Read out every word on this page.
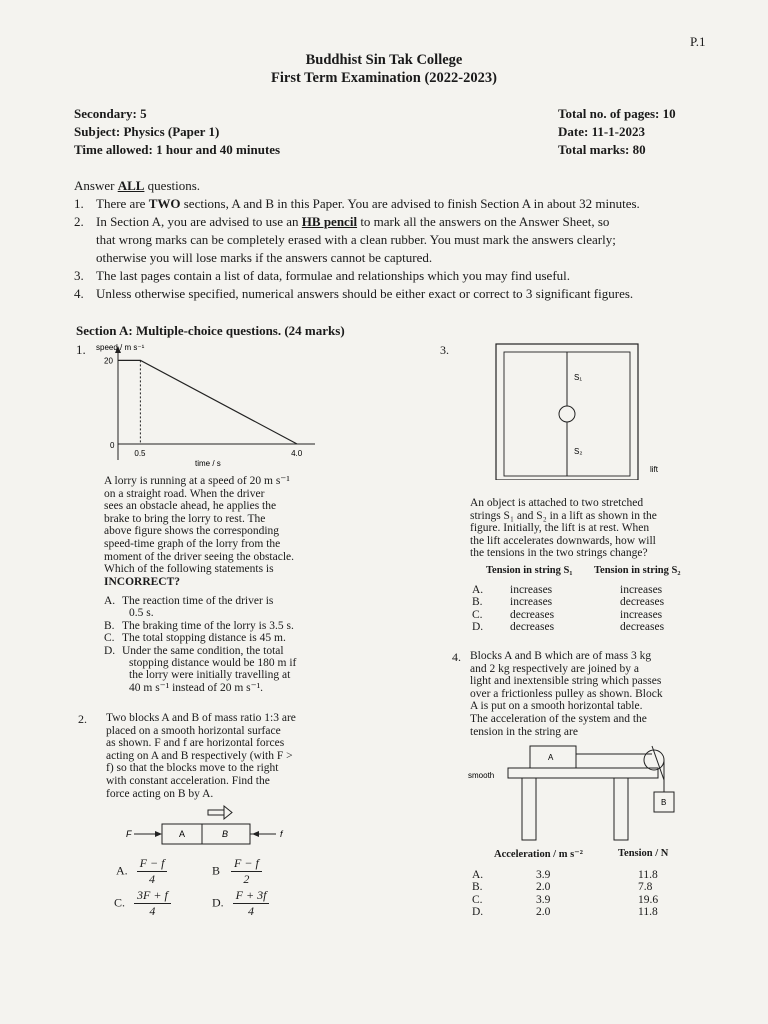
P.1
Buddhist Sin Tak College
First Term Examination (2022-2023)
Secondary: 5
Subject: Physics (Paper 1)
Time allowed: 1 hour and 40 minutes
Total no. of pages: 10
Date: 11-1-2023
Total marks: 80
Answer ALL questions.
1. There are TWO sections, A and B in this Paper. You are advised to finish Section A in about 32 minutes.
2. In Section A, you are advised to use an HB pencil to mark all the answers on the Answer Sheet, so
that wrong marks can be completely erased with a clean rubber. You must mark the answers clearly;
otherwise you will lose marks if the answers cannot be captured.
3. The last pages contain a list of data, formulae and relationships which you may find useful.
4. Unless otherwise specified, numerical answers should be either exact or correct to 3 significant figures.
Section A: Multiple-choice questions. (24 marks)
1. speed / m s⁻¹
20
0
0.5	4.0
time / s
A lorry is running at a speed of 20 m s⁻¹
on a straight road. When the driver
sees an obstacle ahead, he applies the
brake to bring the lorry to rest. The
above figure shows the corresponding
speed-time graph of the lorry from the
moment of the driver seeing the obstacle.
Which of the following statements is
INCORRECT?
A. The reaction time of the driver is
0.5 s.
B. The braking time of the lorry is 3.5 s.
C. The total stopping distance is 45 m.
D. Under the same condition, the total
stopping distance would be 180 m if
the lorry were initially travelling at
40 m s⁻¹ instead of 20 m s⁻¹.
2. Two blocks A and B of mass ratio 1:3 are
placed on a smooth horizontal surface
as shown. F and f are horizontal forces
acting on A and B respectively (with F >
f) so that the blocks move to the right
with constant acceleration. Find the
force acting on B by A.
F	A	B	f
A. $\frac{F - f}{4}$	B $\frac{F - f}{2}$
C. $\frac{3F + f}{4}$	D. $\frac{F + 3f}{4}$
3.
S₁
S₂
lift
An object is attached to two stretched
strings S₁ and S₂ in a lift as shown in the
figure. Initially, the lift is at rest. When
the lift accelerates downwards, how will
the tensions in the two strings change?
Tension in string S₁ Tension in string S₂
A. increases	increases
B. increases	decreases
C. decreases	increases
D. decreases	decreases
4. Blocks A and B which are of mass 3 kg
and 2 kg respectively are joined by a
light and inextensible string which passes
over a frictionless pulley as shown. Block
A is put on a smooth horizontal table.
The acceleration of the system and the
tension in the string are
smooth
A
B
Acceleration / m s⁻²	Tension / N
A.	3.9	11.8
B.	2.0	7.8
C.	3.9	19.6
D.	2.0	11.8
